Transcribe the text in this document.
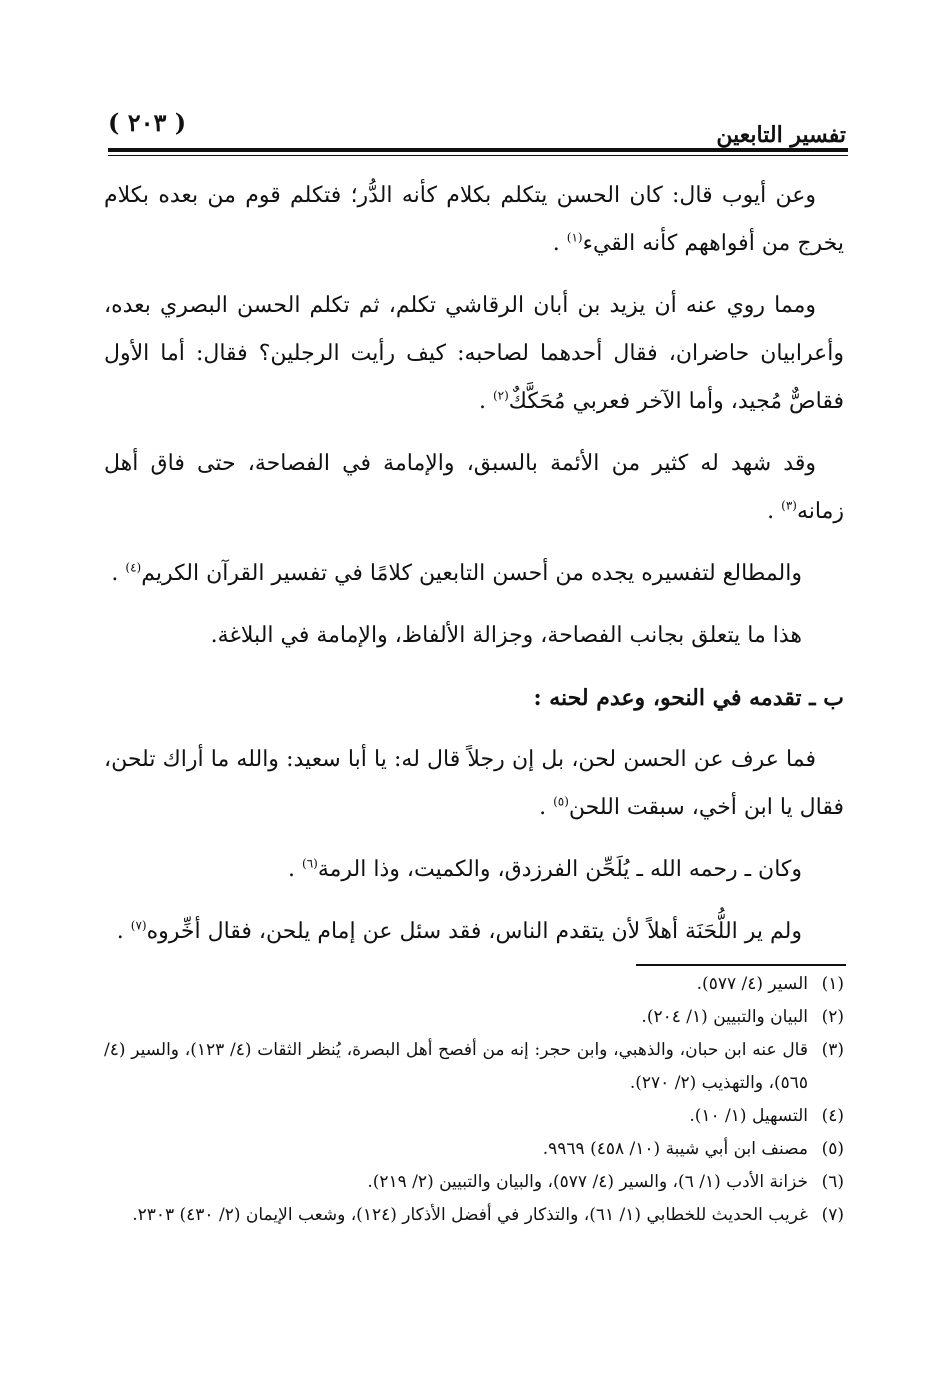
( ٢٠٣ )	تفسير التابعين

وعن أيوب قال: كان الحسن يتكلم بكلام كأنه الدُّر؛ فتكلم قوم من بعده بكلام يخرج من أفواههم كأنه القيء$^{(١)}$ .

ومما روي عنه أن يزيد بن أبان الرقاشي تكلم، ثم تكلم الحسن البصري بعده، وأعرابيان حاضران، فقال أحدهما لصاحبه: كيف رأيت الرجلين؟ فقال: أما الأول فقاصٌّ مُجيد، وأما الآخر فعربي مُحَكَّكٌ$^{(٢)}$ .

وقد شهد له كثير من الأئمة بالسبق، والإمامة في الفصاحة، حتى فاق أهل زمانه$^{(٣)}$ .

والمطالع لتفسيره يجده من أحسن التابعين كلامًا في تفسير القرآن الكريم$^{(٤)}$ .

هذا ما يتعلق بجانب الفصاحة، وجزالة الألفاظ، والإمامة في البلاغة.

ب ـ تقدمه في النحو، وعدم لحنه :

فما عرف عن الحسن لحن، بل إن رجلاً قال له: يا أبا سعيد: والله ما أراك تلحن، فقال يا ابن أخي، سبقت اللحن$^{(٥)}$ .

وكان ـ رحمه الله ـ يُلَحِّن الفرزدق، والكميت، وذا الرمة$^{(٦)}$ .

ولم ير اللُّحَنَة أهلاً لأن يتقدم الناس، فقد سئل عن إمام يلحن، فقال أخِّروه$^{(٧)}$ .

(١)
السير (٤/ ٥٧٧).

(٢)
البيان والتبيين (١/ ٢٠٤).

(٣)
قال عنه ابن حبان، والذهبي، وابن حجر: إنه من أفصح أهل البصرة، يُنظر الثقات (٤/ ١٢٣)، والسير (٤/ ٥٦٥)، والتهذيب (٢/ ٢٧٠).

(٤)
التسهيل (١/ ١٠).

(٥)
مصنف ابن أبي شيبة (١٠/ ٤٥٨) ٩٩٦٩.

(٦)
خزانة الأدب (١/ ٦)، والسير (٤/ ٥٧٧)، والبيان والتبيين (٢/ ٢١٩).

(٧)
غريب الحديث للخطابي (١/ ٦١)، والتذكار في أفضل الأذكار (١٢٤)، وشعب الإيمان (٢/ ٤٣٠) ٢٣٠٣.
